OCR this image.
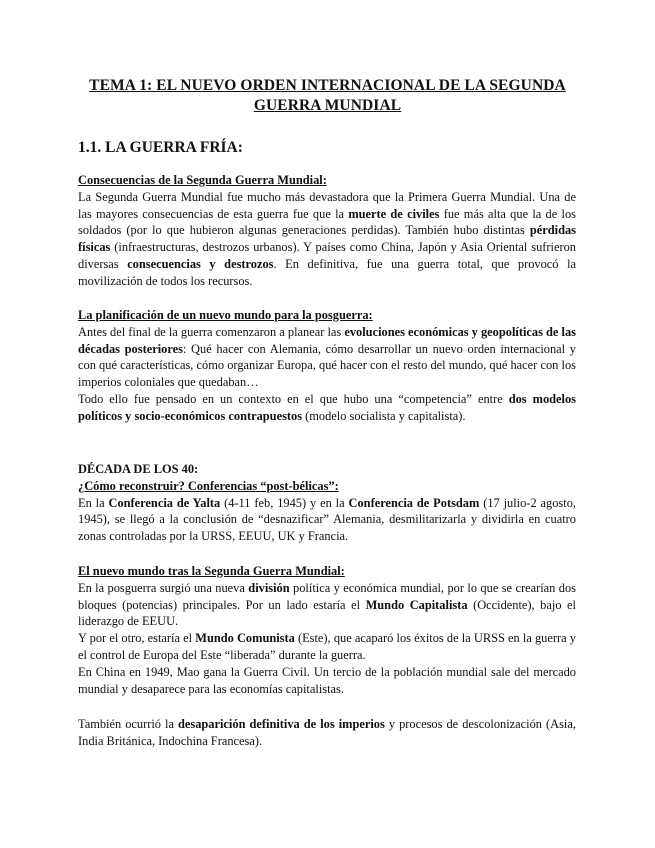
TEMA 1: EL NUEVO ORDEN INTERNACIONAL DE LA SEGUNDA GUERRA MUNDIAL
1.1. LA GUERRA FRÍA:

Consecuencias de la Segunda Guerra Mundial:

La Segunda Guerra Mundial fue mucho más devastadora que la Primera Guerra Mundial. Una de las mayores consecuencias de esta guerra fue que la muerte de civiles fue más alta que la de los soldados (por lo que hubieron algunas generaciones perdidas). También hubo distintas pérdidas físicas (infraestructuras, destrozos urbanos). Y países como China, Japón y Asia Oriental sufrieron diversas consecuencias y destrozos. En definitiva, fue una guerra total, que provocó la movilización de todos los recursos.

La planificación de un nuevo mundo para la posguerra:

Antes del final de la guerra comenzaron a planear las evoluciones económicas y geopolíticas de las décadas posteriores: Qué hacer con Alemania, cómo desarrollar un nuevo orden internacional y con qué características, cómo organizar Europa, qué hacer con el resto del mundo, qué hacer con los imperios coloniales que quedaban…

Todo ello fue pensado en un contexto en el que hubo una “competencia” entre dos modelos políticos y socio-económicos contrapuestos (modelo socialista y capitalista).

DÉCADA DE LOS 40:

¿Cómo reconstruir? Conferencias “post-bélicas”:

En la Conferencia de Yalta (4-11 feb, 1945) y en la Conferencia de Potsdam (17 julio-2 agosto, 1945), se llegó a la conclusión de “desnazificar” Alemania, desmilitarizarla y dividirla en cuatro zonas controladas por la URSS, EEUU, UK y Francia.

El nuevo mundo tras la Segunda Guerra Mundial:

En la posguerra surgió una nueva división política y económica mundial, por lo que se crearían dos bloques (potencias) principales. Por un lado estaría el Mundo Capitalista (Occidente), bajo el liderazgo de EEUU.

Y por el otro, estaría el Mundo Comunista (Este), que acaparó los éxitos de la URSS en la guerra y el control de Europa del Este “liberada” durante la guerra.

En China en 1949, Mao gana la Guerra Civil. Un tercio de la población mundial sale del mercado mundial y desaparece para las economías capitalistas.

También ocurrió la desaparición definitiva de los imperios y procesos de descolonización (Asia, India Británica, Indochina Francesa).
